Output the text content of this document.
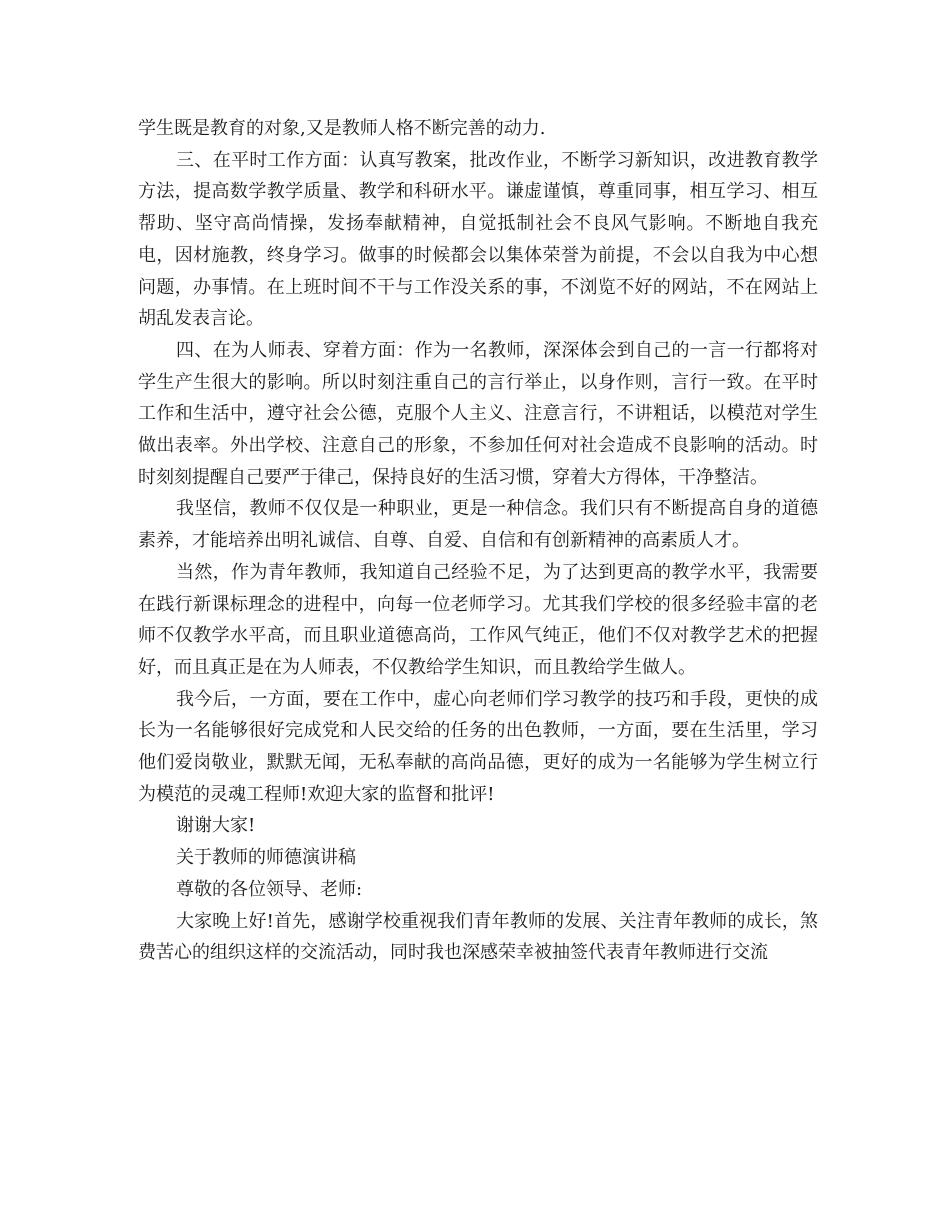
学生既是教育的对象,又是教师人格不断完善的动力.

三、在平时工作方面：认真写教案，批改作业，不断学习新知识，改进教育教学方法，提高数学教学质量、教学和科研水平。谦虚谨慎，尊重同事，相互学习、相互帮助、坚守高尚情操，发扬奉献精神，自觉抵制社会不良风气影响。不断地自我充电，因材施教，终身学习。做事的时候都会以集体荣誉为前提，不会以自我为中心想问题，办事情。在上班时间不干与工作没关系的事，不浏览不好的网站，不在网站上胡乱发表言论。

四、在为人师表、穿着方面：作为一名教师，深深体会到自己的一言一行都将对学生产生很大的影响。所以时刻注重自己的言行举止，以身作则，言行一致。在平时工作和生活中，遵守社会公德，克服个人主义、注意言行，不讲粗话，以模范对学生做出表率。外出学校、注意自己的形象，不参加任何对社会造成不良影响的活动。时时刻刻提醒自己要严于律己，保持良好的生活习惯，穿着大方得体，干净整洁。

我坚信，教师不仅仅是一种职业，更是一种信念。我们只有不断提高自身的道德素养，才能培养出明礼诚信、自尊、自爱、自信和有创新精神的高素质人才。

当然，作为青年教师，我知道自己经验不足，为了达到更高的教学水平，我需要在践行新课标理念的进程中，向每一位老师学习。尤其我们学校的很多经验丰富的老师不仅教学水平高，而且职业道德高尚，工作风气纯正，他们不仅对教学艺术的把握好，而且真正是在为人师表，不仅教给学生知识，而且教给学生做人。

我今后，一方面，要在工作中，虚心向老师们学习教学的技巧和手段，更快的成长为一名能够很好完成党和人民交给的任务的出色教师，一方面，要在生活里，学习他们爱岗敬业，默默无闻，无私奉献的高尚品德，更好的成为一名能够为学生树立行为模范的灵魂工程师!欢迎大家的监督和批评!

谢谢大家!

关于教师的师德演讲稿

尊敬的各位领导、老师:

大家晚上好!首先，感谢学校重视我们青年教师的发展、关注青年教师的成长，煞费苦心的组织这样的交流活动，同时我也深感荣幸被抽签代表青年教师进行交流
